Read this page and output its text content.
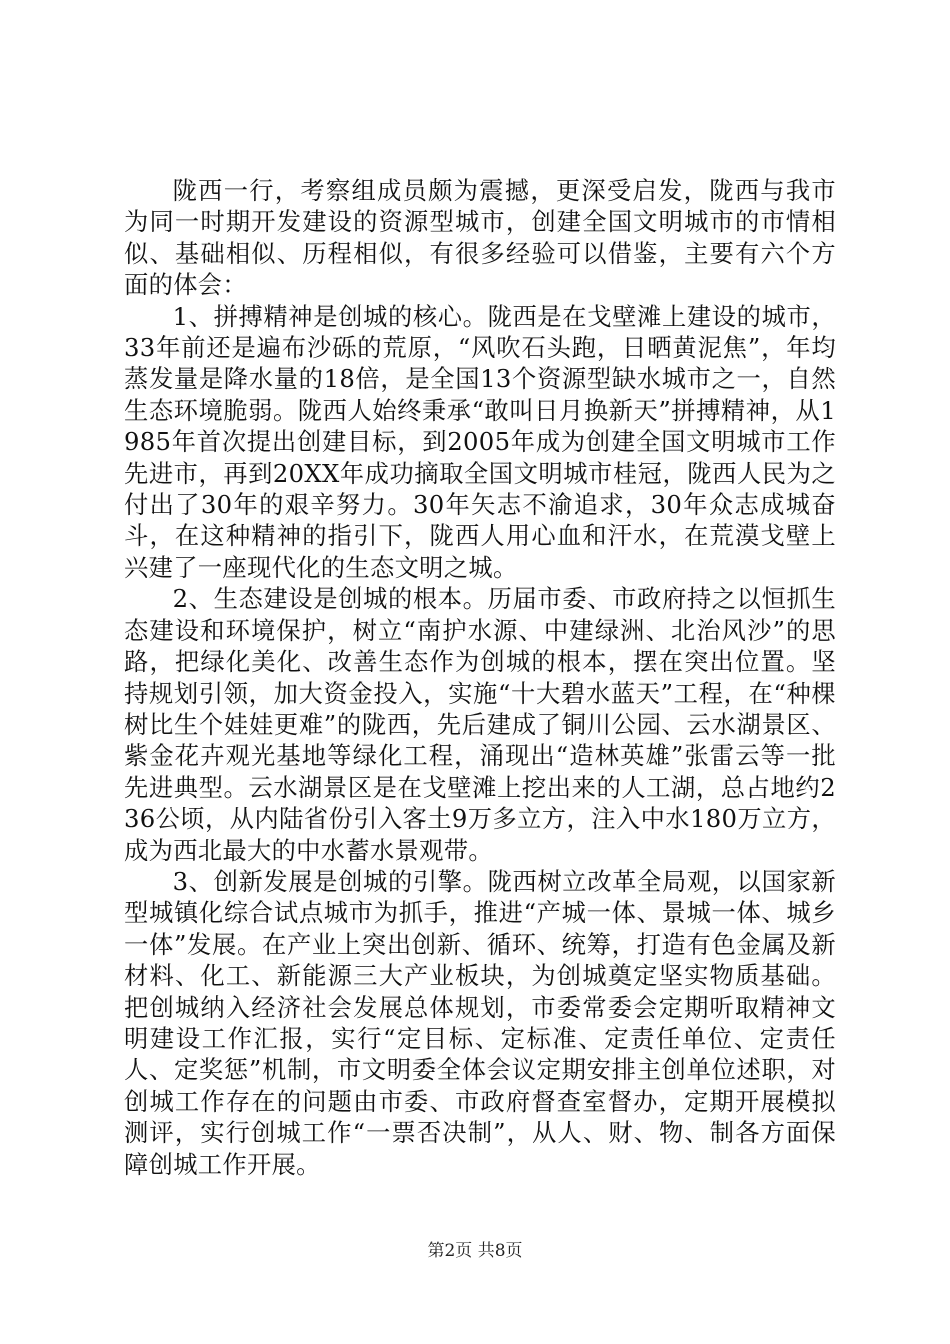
陇西一行，考察组成员颇为震撼，更深受启发，陇西与我市为同一时期开发建设的资源型城市，创建全国文明城市的市情相似、基础相似、历程相似，有很多经验可以借鉴，主要有六个方面的体会：

1、拼搏精神是创城的核心。陇西是在戈壁滩上建设的城市，33年前还是遍布沙砾的荒原，“风吹石头跑，日晒黄泥焦”，年均蒸发量是降水量的18倍，是全国13个资源型缺水城市之一，自然生态环境脆弱。陇西人始终秉承“敢叫日月换新天”拼搏精神，从1985年首次提出创建目标，到2005年成为创建全国文明城市工作先进市，再到20XX年成功摘取全国文明城市桂冠，陇西人民为之付出了30年的艰辛努力。30年矢志不渝追求，30年众志成城奋斗，在这种精神的指引下，陇西人用心血和汗水，在荒漠戈壁上兴建了一座现代化的生态文明之城。

2、生态建设是创城的根本。历届市委、市政府持之以恒抓生态建设和环境保护，树立“南护水源、中建绿洲、北治风沙”的思路，把绿化美化、改善生态作为创城的根本，摆在突出位置。坚持规划引领，加大资金投入，实施“十大碧水蓝天”工程，在“种棵树比生个娃娃更难”的陇西，先后建成了铜川公园、云水湖景区、紫金花卉观光基地等绿化工程，涌现出“造林英雄”张雷云等一批先进典型。云水湖景区是在戈壁滩上挖出来的人工湖，总占地约236公顷，从内陆省份引入客土9万多立方，注入中水180万立方，成为西北最大的中水蓄水景观带。

3、创新发展是创城的引擎。陇西树立改革全局观，以国家新型城镇化综合试点城市为抓手，推进“产城一体、景城一体、城乡一体”发展。在产业上突出创新、循环、统筹，打造有色金属及新材料、化工、新能源三大产业板块，为创城奠定坚实物质基础。把创城纳入经济社会发展总体规划，市委常委会定期听取精神文明建设工作汇报，实行“定目标、定标准、定责任单位、定责任人、定奖惩”机制，市文明委全体会议定期安排主创单位述职，对创城工作存在的问题由市委、市政府督查室督办，定期开展模拟测评，实行创城工作“一票否决制”，从人、财、物、制各方面保障创城工作开展。

第2页 共8页
